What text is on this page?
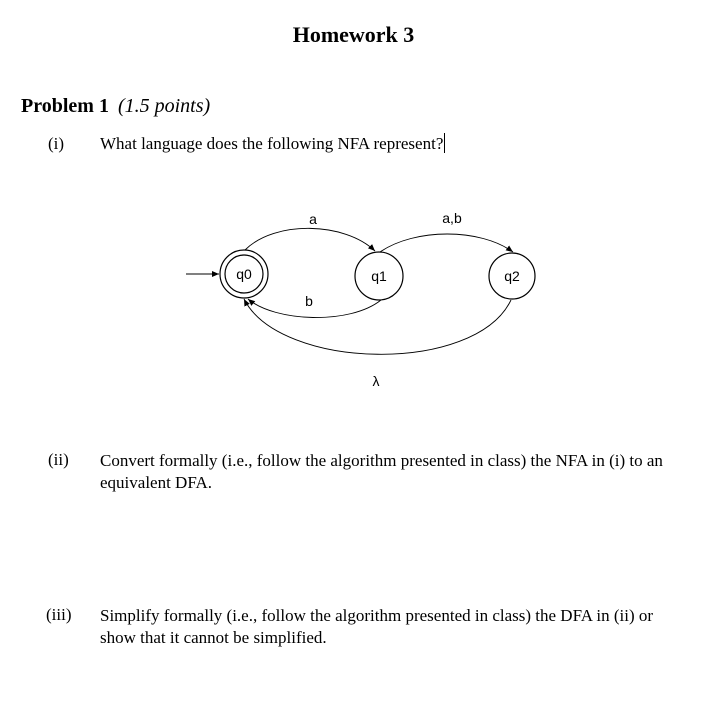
Homework 3
Problem 1 (1.5 points)
(i) What language does the following NFA represent?
q0	q1	q2
a	a,b
b
λ
(ii) Convert formally (i.e., follow the algorithm presented in class) the NFA in (i) to an
equivalent DFA.
(iii) Simplify formally (i.e., follow the algorithm presented in class) the DFA in (ii) or
show that it cannot be simplified.
